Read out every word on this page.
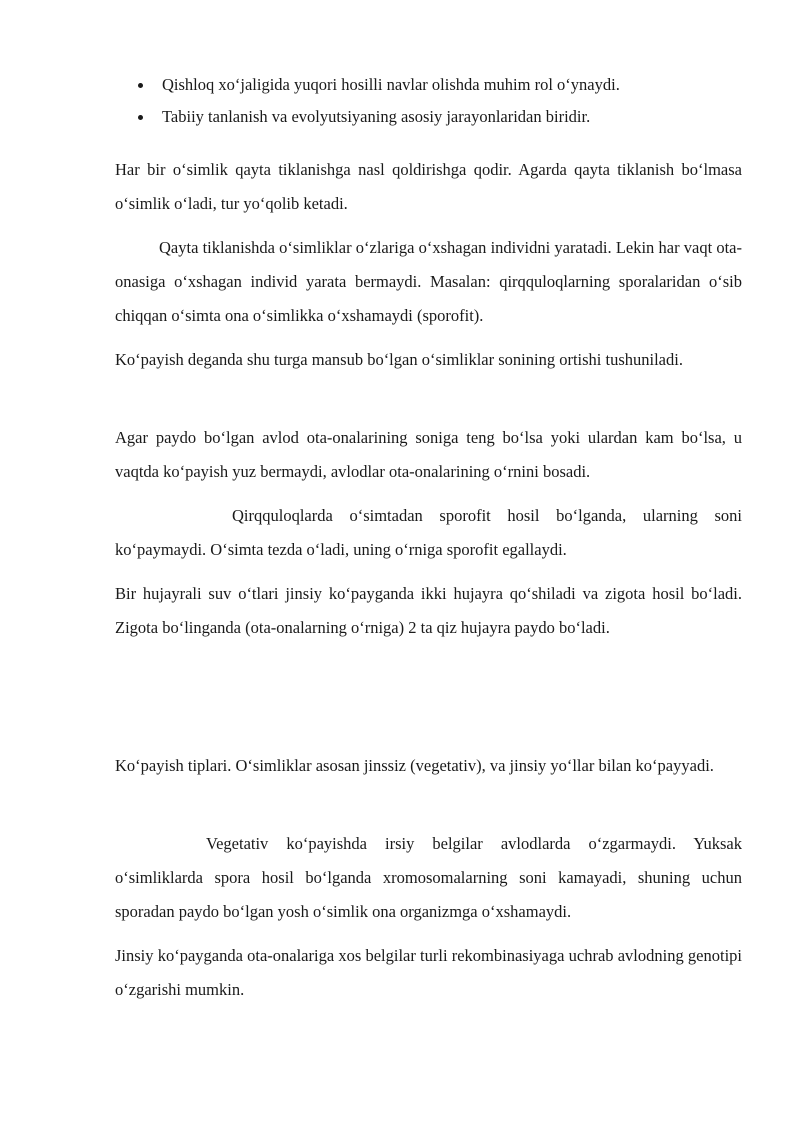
Qishloq xo‘jaligida yuqori hosilli navlar olishda muhim rol o‘ynaydi.
Tabiiy tanlanish va evolyutsiyaning asosiy jarayonlaridan biridir.

Har bir o‘simlik qayta tiklanishga nasl qoldirishga qodir. Agarda qayta tiklanish bo‘lmasa o‘simlik o‘ladi, tur yo‘qolib ketadi.

Qayta tiklanishda o‘simliklar o‘zlariga o‘xshagan individni yaratadi. Lekin har vaqt ota-onasiga o‘xshagan individ yarata bermaydi. Masalan: qirqquloqlarning sporalaridan o‘sib chiqqan o‘simta ona o‘simlikka o‘xshamaydi (sporofit).

Ko‘payish deganda shu turga mansub bo‘lgan o‘simliklar sonining ortishi tushuniladi.

Agar paydo bo‘lgan avlod ota-onalarining soniga teng bo‘lsa yoki ulardan kam bo‘lsa, u vaqtda ko‘payish yuz bermaydi, avlodlar ota-onalarining o‘rnini bosadi.

Qirqquloqlarda o‘simtadan sporofit hosil bo‘lganda, ularning soni ko‘paymaydi. O‘simta tezda o‘ladi, uning o‘rniga sporofit egallaydi.

Bir hujayrali suv o‘tlari jinsiy ko‘payganda ikki hujayra qo‘shiladi va zigota hosil bo‘ladi. Zigota bo‘linganda (ota-onalarning o‘rniga) 2 ta qiz hujayra paydo bo‘ladi.

Ko‘payish tiplari. O‘simliklar asosan jinssiz (vegetativ), va jinsiy yo‘llar bilan ko‘payyadi.

Vegetativ ko‘payishda irsiy belgilar avlodlarda o‘zgarmaydi. Yuksak o‘simliklarda spora hosil bo‘lganda xromosomalarning soni kamayadi, shuning uchun sporadan paydo bo‘lgan yosh o‘simlik ona organizmga o‘xshamaydi.

Jinsiy ko‘payganda ota-onalariga xos belgilar turli rekombinasiyaga uchrab avlodning genotipi o‘zgarishi mumkin.
